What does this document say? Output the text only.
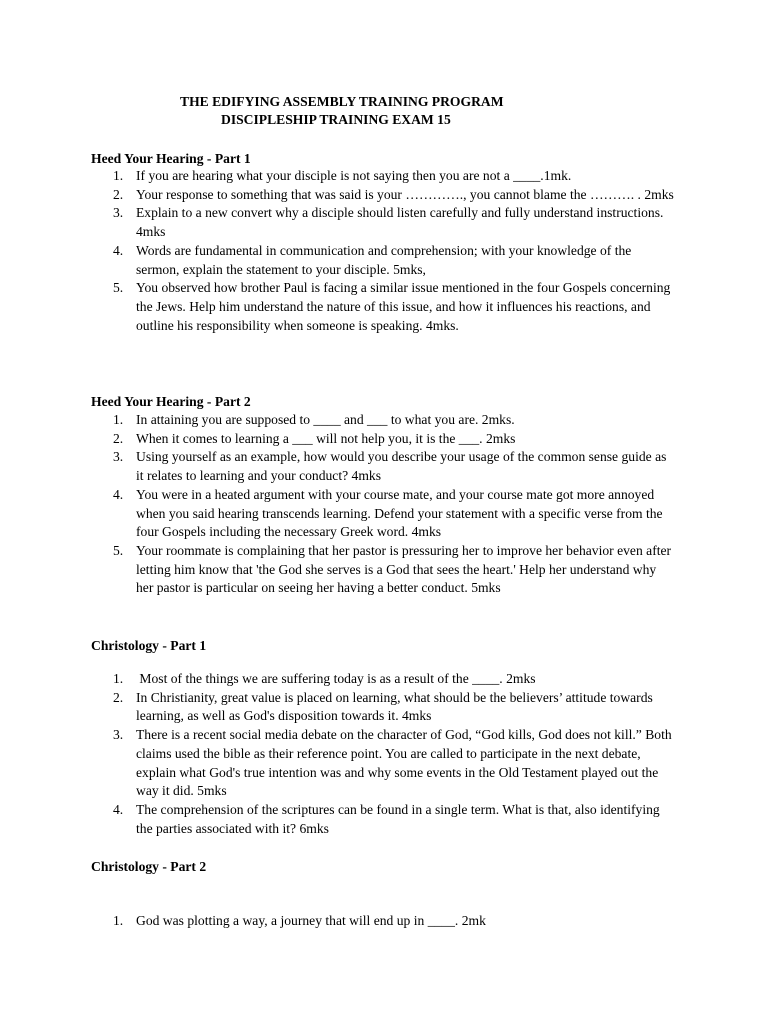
THE EDIFYING ASSEMBLY TRAINING PROGRAM
DISCIPLESHIP TRAINING EXAM 15
Heed Your Hearing - Part 1
1. If you are hearing what your disciple is not saying then you are not a ____.1mk.
2. Your response to something that was said is your …………., you cannot blame the ………. . 2mks
3. Explain to a new convert why a disciple should listen carefully and fully understand instructions. 4mks
4. Words are fundamental in communication and comprehension; with your knowledge of the sermon, explain the statement to your disciple. 5mks,
5. You observed how brother Paul is facing a similar issue mentioned in the four Gospels concerning the Jews. Help him understand the nature of this issue, and how it influences his reactions, and outline his responsibility when someone is speaking. 4mks.
Heed Your Hearing - Part 2
1. In attaining you are supposed to ____ and ___ to what you are. 2mks.
2. When it comes to learning a ___ will not help you, it is the ___. 2mks
3. Using yourself as an example, how would you describe your usage of the common sense guide as it relates to learning and your conduct? 4mks
4. You were in a heated argument with your course mate, and your course mate got more annoyed when you said hearing transcends learning. Defend your statement with a specific verse from the four Gospels including the necessary Greek word. 4mks
5. Your roommate is complaining that her pastor is pressuring her to improve her behavior even after letting him know that 'the God she serves is a God that sees the heart.' Help her understand why her pastor is particular on seeing her having a better conduct. 5mks
Christology - Part 1
1. Most of the things we are suffering today is as a result of the ____. 2mks
2. In Christianity, great value is placed on learning, what should be the believers’ attitude towards learning, as well as God's disposition towards it. 4mks
3. There is a recent social media debate on the character of God, “God kills, God does not kill.” Both claims used the bible as their reference point. You are called to participate in the next debate, explain what God's true intention was and why some events in the Old Testament played out the way it did. 5mks
4. The comprehension of the scriptures can be found in a single term. What is that, also identifying the parties associated with it? 6mks
Christology - Part 2
1. God was plotting a way, a journey that will end up in ____. 2mk
